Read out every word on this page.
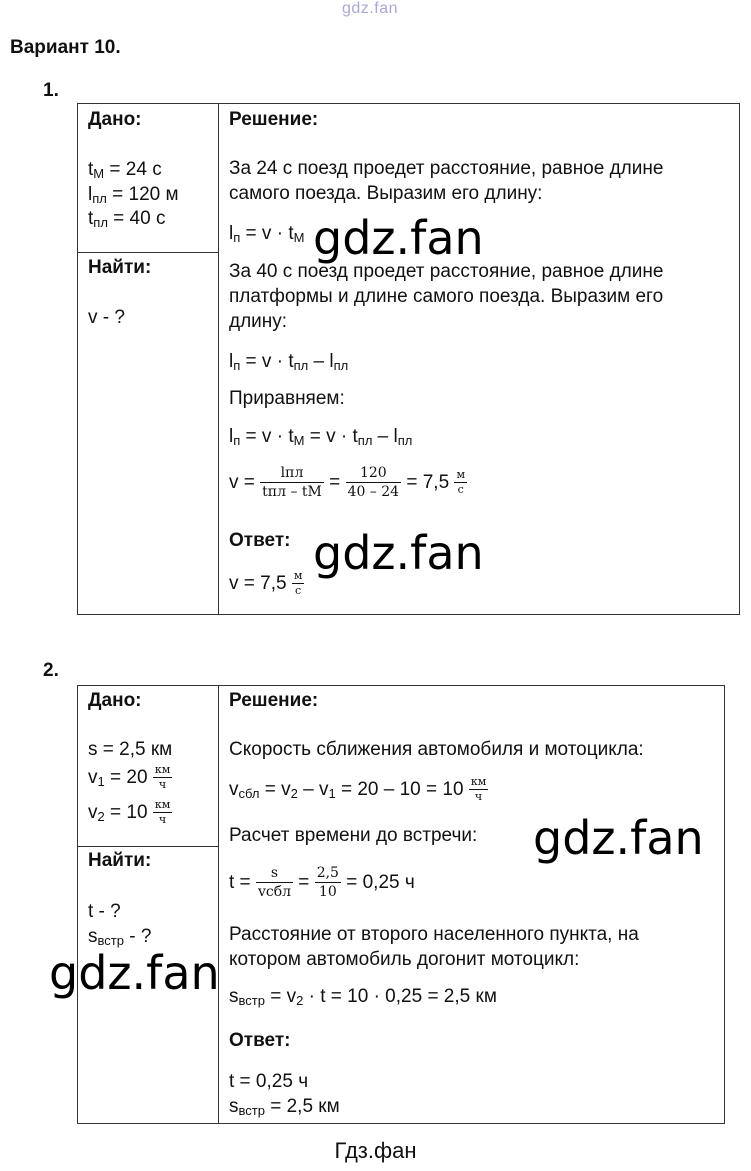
gdz.fan
Вариант 10.
1.
Дано:
tМ = 24 с
lпл = 120 м
tпл = 40 с
Найти:
v - ?
Решение:
За 24 с поезд проедет расстояние, равное длине
самого поезда. Выразим его длину:
lп = v · tМ
За 40 с поезд проедет расстояние, равное длине
платформы и длине самого поезда. Выразим его
длину:
lп = v · tпл – lпл
Приравняем:
lп = v · tМ = v · tпл – lпл
$v = \frac{\text{lпл}}{\text{tпл – tМ}} = \frac{120}{40 - 24} = 7,5 \frac{м}{с}$
Ответ:
$v = 7,5 \frac{м}{с}$
2.
Дано:
s = 2,5 км
$v1 = 20 \frac{км}{ч}$
$v2 = 10 \frac{км}{ч}$
Найти:
t - ?
sвстр - ?
Решение:
Скорость сближения автомобиля и мотоцикла:
vсбл = $v2 - v1 = 20 - 10 = 10 \frac{км}{ч}$
Расчет времени до встречи:
$t = \frac{s}{\text{vсбл}} = \frac{2,5}{10} = 0,25$ ч
Расстояние от второго населенного пункта, на
котором автомобиль догонит мотоцикл:
sвстр = v2 · t = 10 · 0,25 = 2,5 км
Ответ:
t = 0,25 ч
sвстр = 2,5 км
gdz.fan
gdz.fan
gdz.fan
gdz.fan
Гдз.фан
